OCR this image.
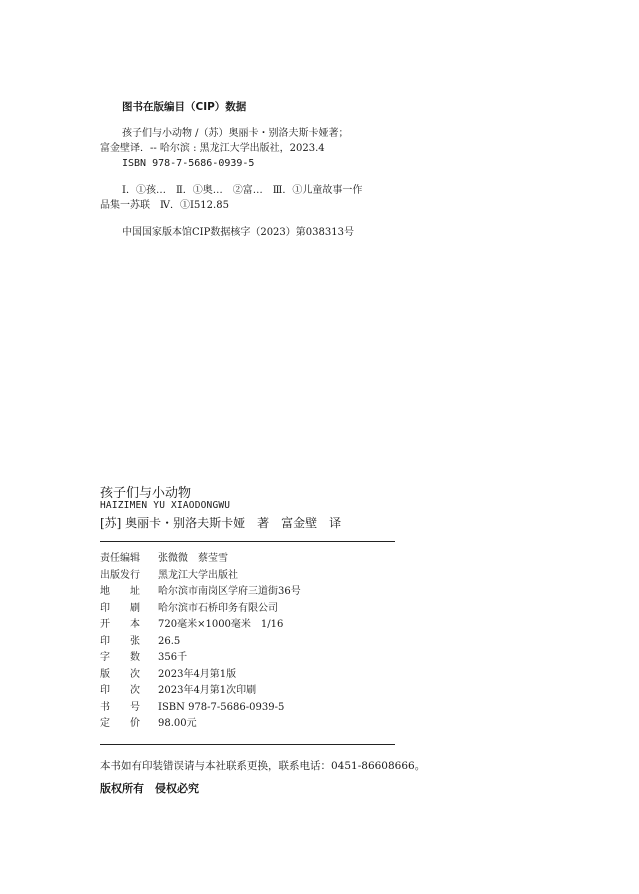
图书在版编目（CIP）数据
孩子们与小动物 /（苏）奥丽卡・别洛夫斯卡娅著；
富金壁译．-- 哈尔滨 : 黑龙江大学出版社，2023.4
ISBN 978-7-5686-0939-5
Ⅰ．①孩…　Ⅱ．①奥…　②富…　Ⅲ．①儿童故事一作
品集一苏联　Ⅳ．①I512.85
中国国家版本馆CIP数据核字（2023）第038313号
孩子们与小动物
HAIZIMEN YU XIAODONGWU
[苏] 奥丽卡・别洛夫斯卡娅　著　富金壁　译
责任编辑 张微微　蔡莹雪
出版发行 黑龙江大学出版社
地　　址 哈尔滨市南岗区学府三道街36号
印　　刷 哈尔滨市石桥印务有限公司
开　　本 720毫米×1000毫米　1/16
印　　张 26.5
字　　数 356千
版　　次 2023年4月第1版
印　　次 2023年4月第1次印刷
书　　号 ISBN 978-7-5686-0939-5
定　　价 98.00元
本书如有印装错误请与本社联系更换，联系电话：0451-86608666。
版权所有　侵权必究
